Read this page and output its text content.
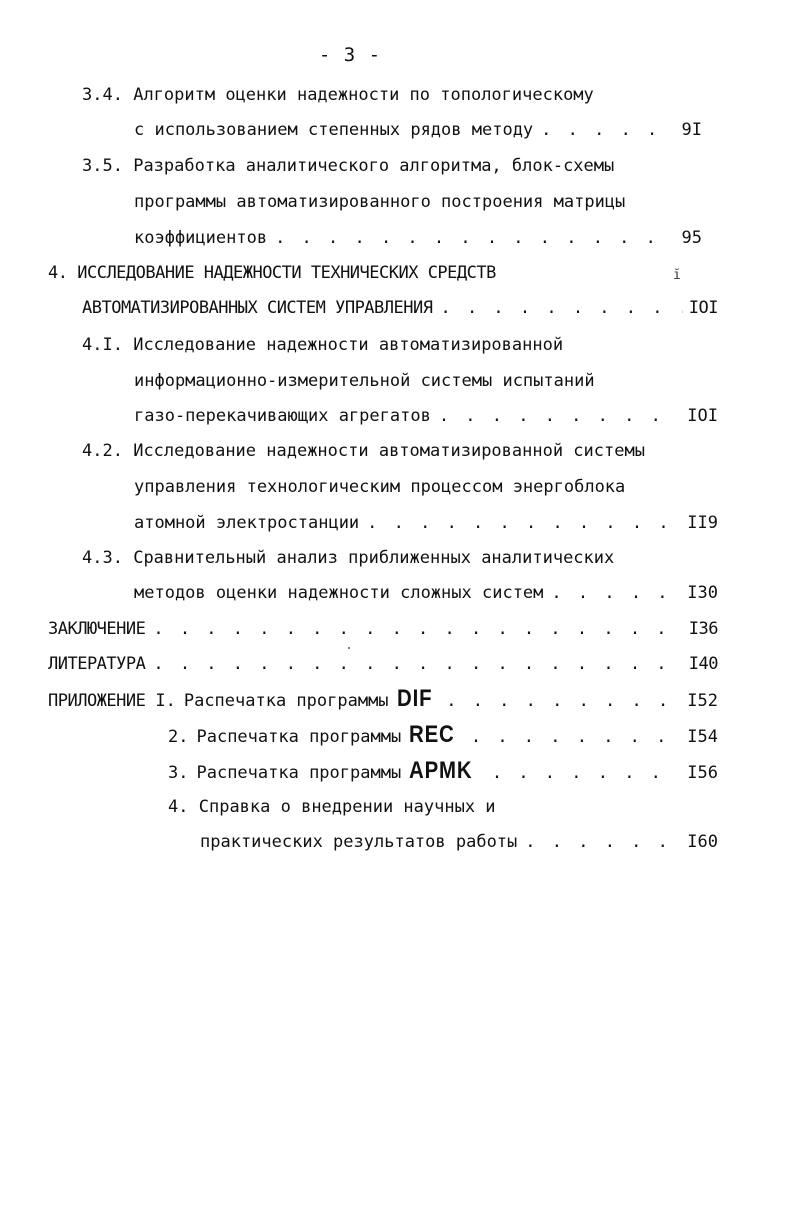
- 3 -
3.4. Алгоритм оценки надежности по топологическому
с использованием степенных рядов методу . . .	9I
3.5. Разработка аналитического алгоритма, блок-схемы
программы автоматизированного построения матрицы
коэффициентов . . .	95
4. ИССЛЕДОВАНИЕ НАДЕЖНОСТИ ТЕХНИЧЕСКИХ СРЕДСТВ	ĭ
АВТОМАТИЗИРОВАННЫХ СИСТЕМ УПРАВЛЕНИЯ . . .	IOI
4.I. Исследование надежности автоматизированной
информационно-измерительной системы испытаний
газо-перекачивающих агрегатов . . .	IOI
4.2. Исследование надежности автоматизированной системы
управления технологическим процессом энергоблока
атомной электростанции . . .	II9
4.3. Сравнительный анализ приближенных аналитических
методов оценки надежности сложных систем . . .	I30
ЗАКЛЮЧЕНИЕ . . .	I36
ЛИТЕРАТУРА . . .	I40
ПРИЛОЖЕНИЕ I. Распечатка программы DIF . . .	I52
2. Распечатка программы REC . . .	I54
3. Распечатка программы APMK . . .	I56
4. Справка о внедрении научных и
практических результатов работы . . .	I60
